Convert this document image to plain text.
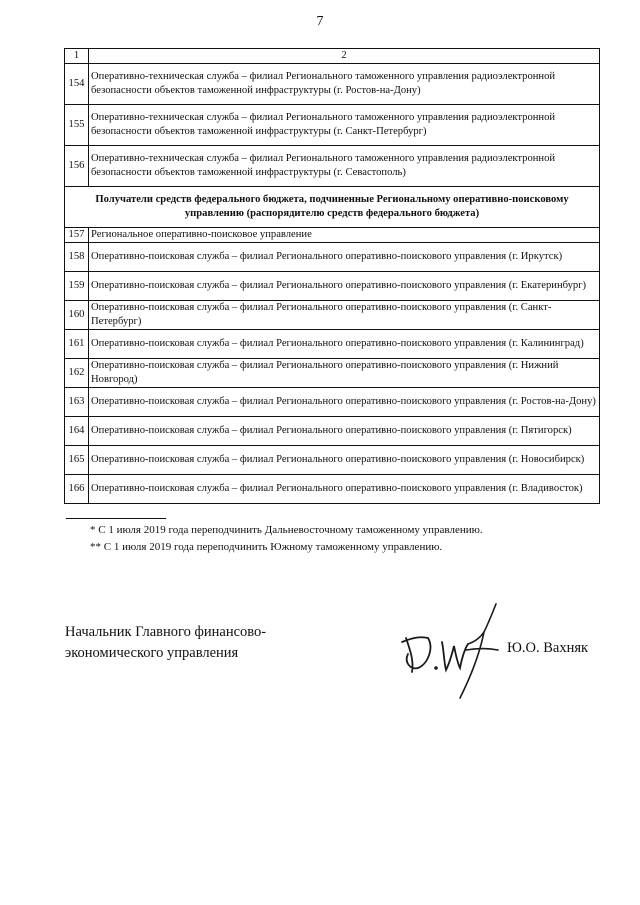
7
1	2
154	Оперативно-техническая служба – филиал Регионального таможенного управления радиоэлектронной безопасности объектов таможенной инфраструктуры (г. Ростов-на-Дону)
155	Оперативно-техническая служба – филиал Регионального таможенного управления радиоэлектронной безопасности объектов таможенной инфраструктуры (г. Санкт-Петербург)
156	Оперативно-техническая служба – филиал Регионального таможенного управления радиоэлектронной безопасности объектов таможенной инфраструктуры (г. Севастополь)
Получатели средств федерального бюджета, подчиненные Региональному оперативно-поисковому управлению (распорядителю средств федерального бюджета)	
157	Региональное оперативно-поисковое управление
158	Оперативно-поисковая служба – филиал Регионального оперативно-поискового управления (г. Иркутск)
159	Оперативно-поисковая служба – филиал Регионального оперативно-поискового управления (г. Екатеринбург)
160	Оперативно-поисковая служба – филиал Регионального оперативно-поискового управления (г. Санкт-Петербург)
161	Оперативно-поисковая служба – филиал Регионального оперативно-поискового управления (г. Калининград)
162	Оперативно-поисковая служба – филиал Регионального оперативно-поискового управления (г. Нижний Новгород)
163	Оперативно-поисковая служба – филиал Регионального оперативно-поискового управления (г. Ростов-на-Дону)
164	Оперативно-поисковая служба – филиал Регионального оперативно-поискового управления (г. Пятигорск)
165	Оперативно-поисковая служба – филиал Регионального оперативно-поискового управления (г. Новосибирск)
166	Оперативно-поисковая служба – филиал Регионального оперативно-поискового управления (г. Владивосток)
* С 1 июля 2019 года переподчинить Дальневосточному таможенному управлению.
** С 1 июля 2019 года переподчинить Южному таможенному управлению.
Начальник Главного финансово-
экономического управления	Ю.О. Вахняк
